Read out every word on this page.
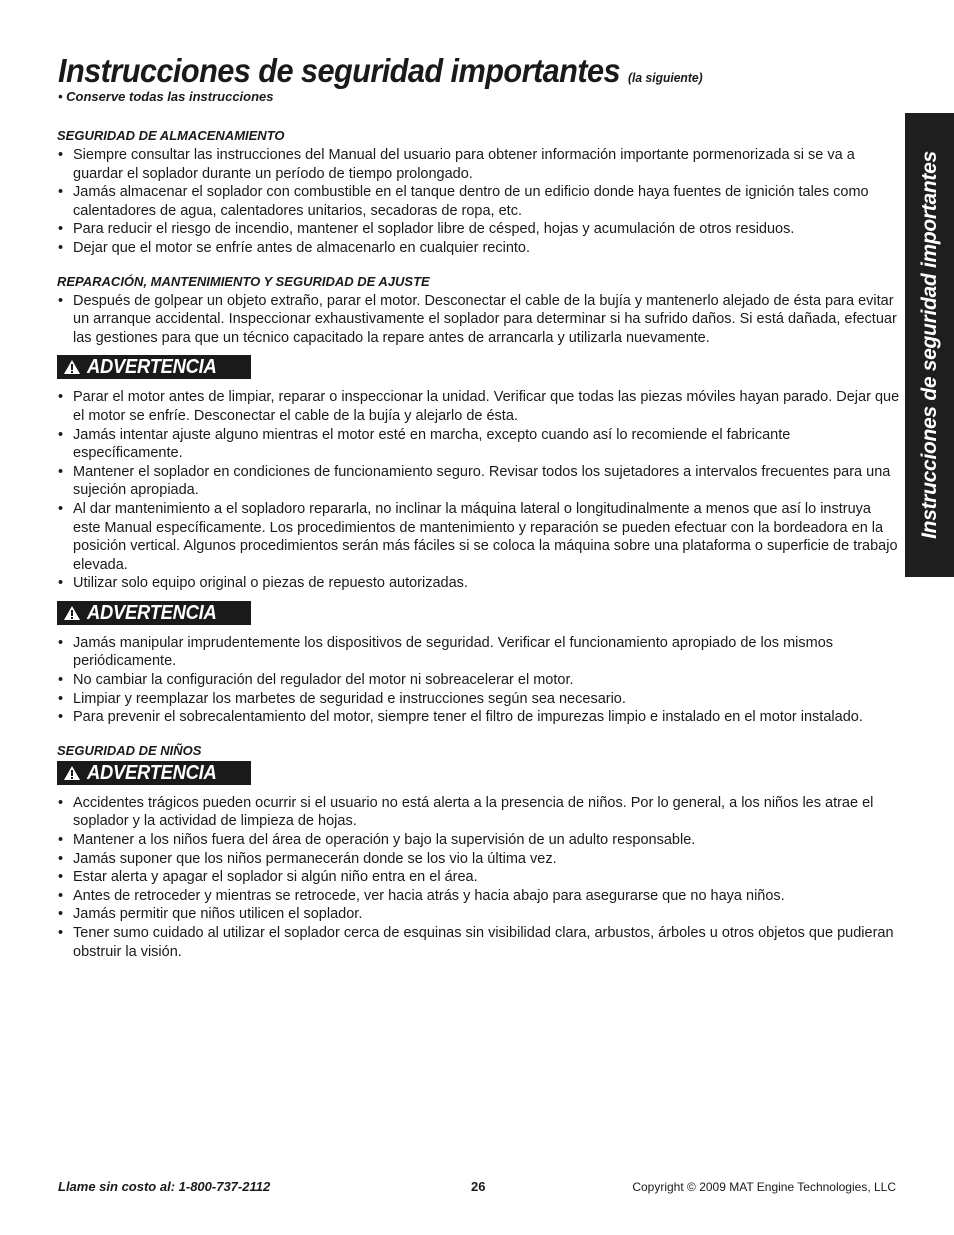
Instrucciones de seguridad importantes (la siguiente)
• Conserve todas las instrucciones
Instrucciones de seguridad importantes
SEGURIDAD DE ALMACENAMIENTO
• Siempre consultar las instrucciones del Manual del usuario para obtener información importante pormenorizada si se va a guardar el soplador durante un período de tiempo prolongado.
• Jamás almacenar el soplador con combustible en el tanque dentro de un edificio donde haya fuentes de ignición tales como calentadores de agua, calentadores unitarios, secadoras de ropa, etc.
• Para reducir el riesgo de incendio, mantener el soplador libre de césped, hojas y acumulación de otros residuos.
• Dejar que el motor se enfríe antes de almacenarlo en cualquier recinto.
REPARACIÓN, MANTENIMIENTO Y SEGURIDAD DE AJUSTE
• Después de golpear un objeto extraño, parar el motor. Desconectar el cable de la bujía y mantenerlo alejado de ésta para evitar un arranque accidental. Inspeccionar exhaustivamente el soplador para determinar si ha sufrido daños. Si está dañada, efectuar las gestiones para que un técnico capacitado la repare antes de arrancarla y utilizarla nuevamente.
ADVERTENCIA
• Parar el motor antes de limpiar, reparar o inspeccionar la unidad. Verificar que todas las piezas móviles hayan parado. Dejar que el motor se enfríe. Desconectar el cable de la bujía y alejarlo de ésta.
• Jamás intentar ajuste alguno mientras el motor esté en marcha, excepto cuando así lo recomiende el fabricante específicamente.
• Mantener el soplador en condiciones de funcionamiento seguro. Revisar todos los sujetadores a intervalos frecuentes para una sujeción apropiada.
• Al dar mantenimiento a el sopladoro repararla, no inclinar la máquina lateral o longitudinalmente a menos que así lo instruya este Manual específicamente. Los procedimientos de mantenimiento y reparación se pueden efectuar con la bordeadora en la posición vertical. Algunos procedimientos serán más fáciles si se coloca la máquina sobre una plataforma o superficie de trabajo elevada.
• Utilizar solo equipo original o piezas de repuesto autorizadas.
ADVERTENCIA
• Jamás manipular imprudentemente los dispositivos de seguridad. Verificar el funcionamiento apropiado de los mismos periódicamente.
• No cambiar la configuración del regulador del motor ni sobreacelerar el motor.
• Limpiar y reemplazar los marbetes de seguridad e instrucciones según sea necesario.
• Para prevenir el sobrecalentamiento del motor, siempre tener el filtro de impurezas limpio e instalado en el motor instalado.
SEGURIDAD DE NIÑOS
ADVERTENCIA
• Accidentes trágicos pueden ocurrir si el usuario no está alerta a la presencia de niños. Por lo general, a los niños les atrae el soplador y la actividad de limpieza de hojas.
• Mantener a los niños fuera del área de operación y bajo la supervisión de un adulto responsable.
• Jamás suponer que los niños permanecerán donde se los vio la última vez.
• Estar alerta y apagar el soplador si algún niño entra en el área.
• Antes de retroceder y mientras se retrocede, ver hacia atrás y hacia abajo para asegurarse que no haya niños.
• Jamás permitir que niños utilicen el soplador.
• Tener sumo cuidado al utilizar el soplador cerca de esquinas sin visibilidad clara, arbustos, árboles u otros objetos que pudieran obstruir la visión.
Llame sin costo al: 1-800-737-2112	26	Copyright © 2009 MAT Engine Technologies, LLC
